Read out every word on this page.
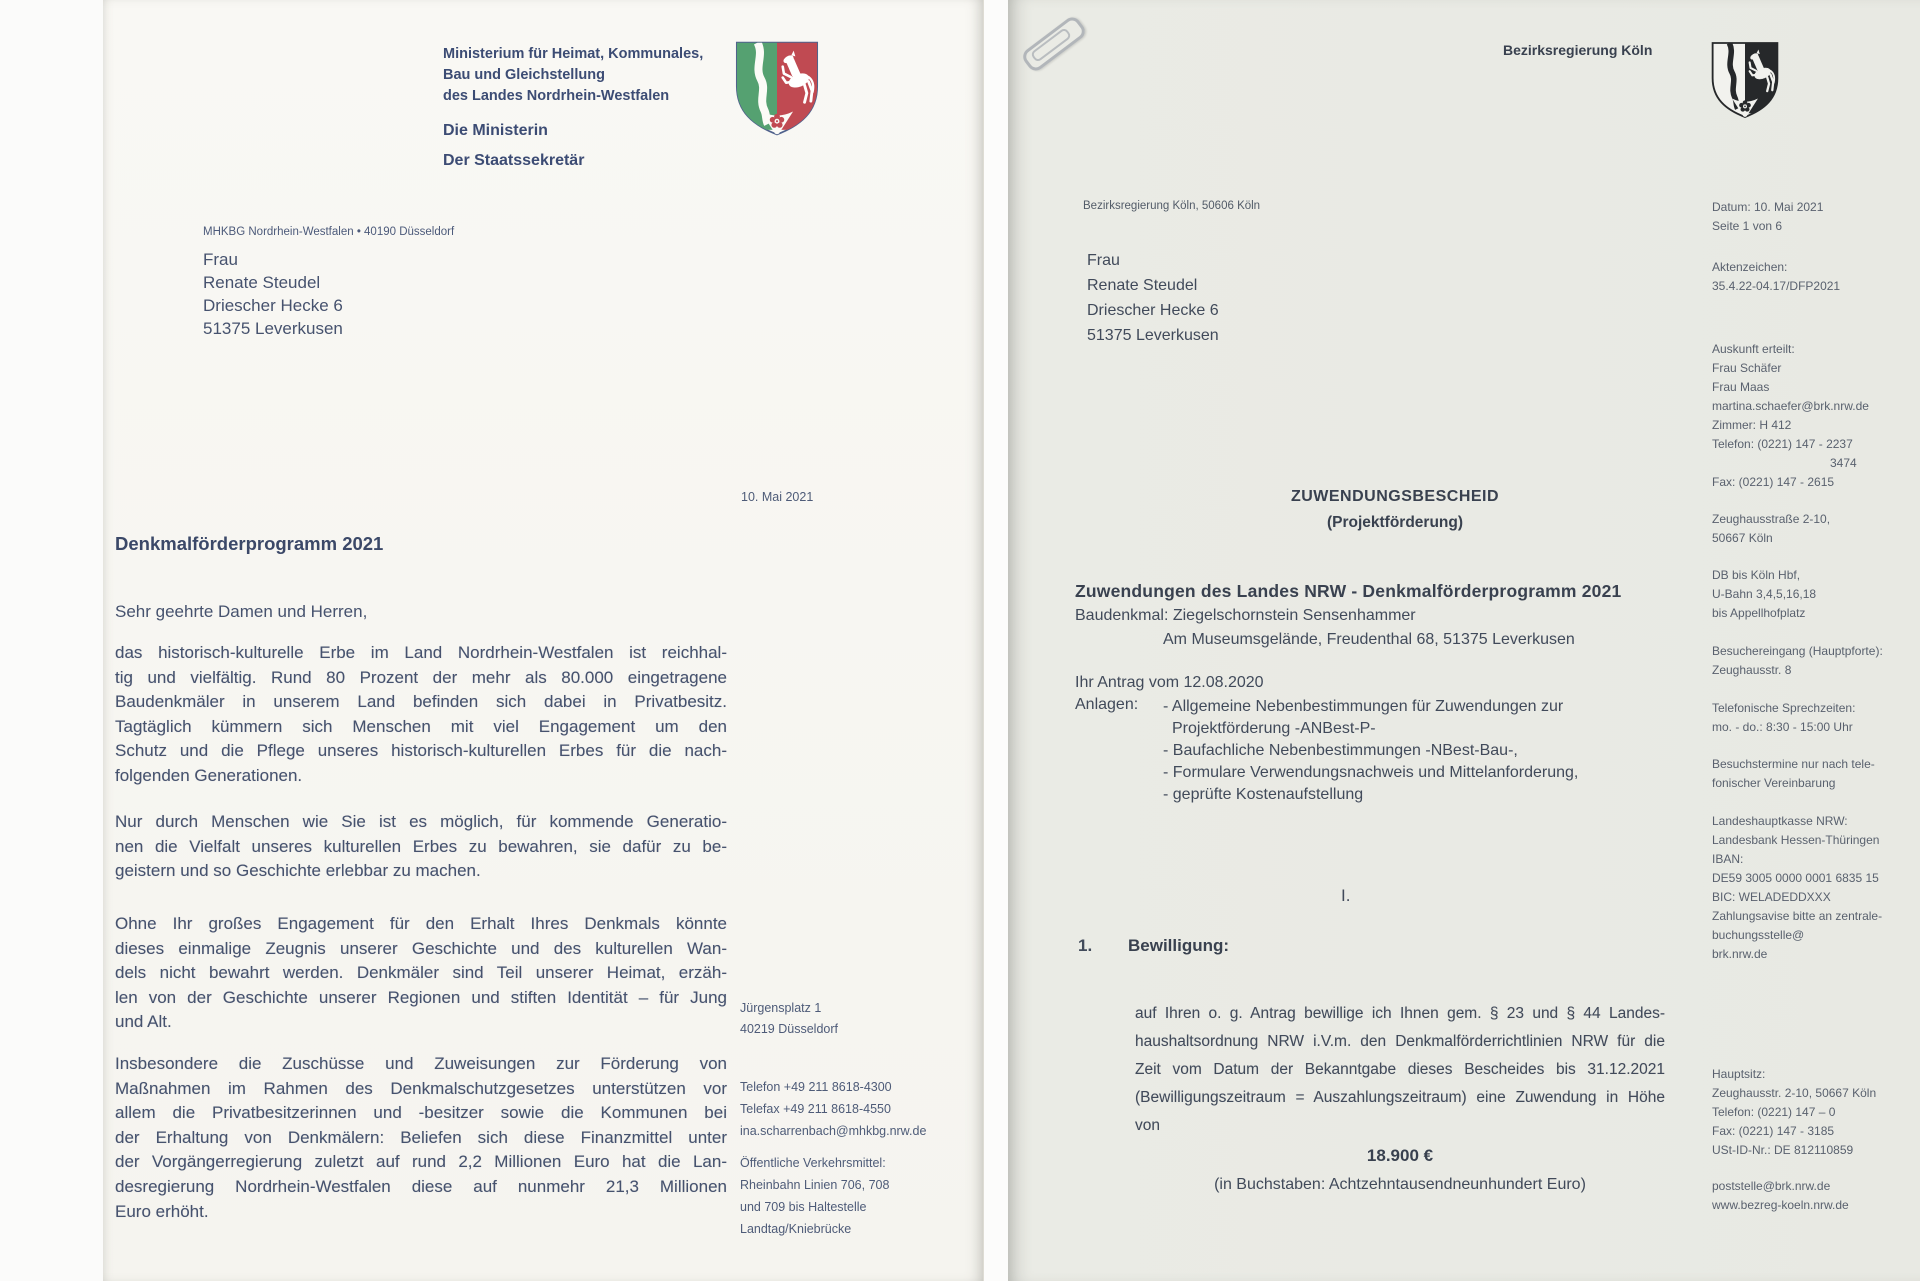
Ministerium für Heimat, Kommunales,
Bau und Gleichstellung
des Landes Nordrhein-Westfalen
Die Ministerin
Der Staatssekretär
MHKBG Nordrhein-Westfalen • 40190 Düsseldorf
Frau
Renate Steudel
Driescher Hecke 6
51375 Leverkusen
10. Mai 2021
Denkmalförderprogramm 2021
Sehr geehrte Damen und Herren,
das historisch-kulturelle Erbe im Land Nordrhein-Westfalen ist reichhal-
tig und vielfältig. Rund 80 Prozent der mehr als 80.000 eingetragene
Baudenkmäler in unserem Land befinden sich dabei in Privatbesitz.
Tagtäglich kümmern sich Menschen mit viel Engagement um den
Schutz und die Pflege unseres historisch-kulturellen Erbes für die nach-
folgenden Generationen.
Nur durch Menschen wie Sie ist es möglich, für kommende Generatio-
nen die Vielfalt unseres kulturellen Erbes zu bewahren, sie dafür zu be-
geistern und so Geschichte erlebbar zu machen.
Ohne Ihr großes Engagement für den Erhalt Ihres Denkmals könnte
dieses einmalige Zeugnis unserer Geschichte und des kulturellen Wan-
dels nicht bewahrt werden. Denkmäler sind Teil unserer Heimat, erzäh-
len von der Geschichte unserer Regionen und stiften Identität – für Jung
und Alt.
Insbesondere die Zuschüsse und Zuweisungen zur Förderung von
Maßnahmen im Rahmen des Denkmalschutzgesetzes unterstützen vor
allem die Privatbesitzerinnen und -besitzer sowie die Kommunen bei
der Erhaltung von Denkmälern: Beliefen sich diese Finanzmittel unter
der Vorgängerregierung zuletzt auf rund 2,2 Millionen Euro hat die Lan-
desregierung Nordrhein-Westfalen diese auf nunmehr 21,3 Millionen
Euro erhöht.
Jürgensplatz 1
40219 Düsseldorf
Telefon +49 211 8618-4300
Telefax +49 211 8618-4550
ina.scharrenbach@mhkbg.nrw.de
Öffentliche Verkehrsmittel:
Rheinbahn Linien 706, 708
und 709 bis Haltestelle
Landtag/Kniebrücke
Bezirksregierung Köln
Bezirksregierung Köln, 50606 Köln
Frau
Renate Steudel
Driescher Hecke 6
51375 Leverkusen
ZUWENDUNGSBESCHEID
(Projektförderung)
Zuwendungen des Landes NRW - Denkmalförderprogramm 2021
Baudenkmal: Ziegelschornstein Sensenhammer
Am Museumsgelände, Freudenthal 68, 51375 Leverkusen
Ihr Antrag vom 12.08.2020
Anlagen: - Allgemeine Nebenbestimmungen für Zuwendungen zur
Projektförderung -ANBest-P-
- Baufachliche Nebenbestimmungen -NBest-Bau-,
- Formulare Verwendungsnachweis und Mittelanforderung,
- geprüfte Kostenaufstellung
I.
1. Bewilligung:
auf Ihren o. g. Antrag bewillige ich Ihnen gem. § 23 und § 44 Landes-
haushaltsordnung NRW i.V.m. den Denkmalförderrichtlinien NRW für die
Zeit vom Datum der Bekanntgabe dieses Bescheides bis 31.12.2021
(Bewilligungszeitraum = Auszahlungszeitraum) eine Zuwendung in Höhe
von
18.900 €
(in Buchstaben: Achtzehntausendneunhundert Euro)
Datum: 10. Mai 2021
Seite 1 von 6
Aktenzeichen:
35.4.22-04.17/DFP2021
Auskunft erteilt:
Frau Schäfer
Frau Maas
martina.schaefer@brk.nrw.de
Zimmer: H 412
Telefon: (0221) 147 - 2237
3474
Fax: (0221) 147 - 2615
Zeughausstraße 2-10,
50667 Köln
DB bis Köln Hbf,
U-Bahn 3,4,5,16,18
bis Appellhofplatz
Besuchereingang (Hauptpforte):
Zeughausstr. 8
Telefonische Sprechzeiten:
mo. - do.: 8:30 - 15:00 Uhr
Besuchstermine nur nach tele-
fonischer Vereinbarung
Landeshauptkasse NRW:
Landesbank Hessen-Thüringen
IBAN:
DE59 3005 0000 0001 6835 15
BIC: WELADEDDXXX
Zahlungsavise bitte an zentrale-
buchungsstelle@
brk.nrw.de
Hauptsitz:
Zeughausstr. 2-10, 50667 Köln
Telefon: (0221) 147 – 0
Fax: (0221) 147 - 3185
USt-ID-Nr.: DE 812110859
poststelle@brk.nrw.de
www.bezreg-koeln.nrw.de
